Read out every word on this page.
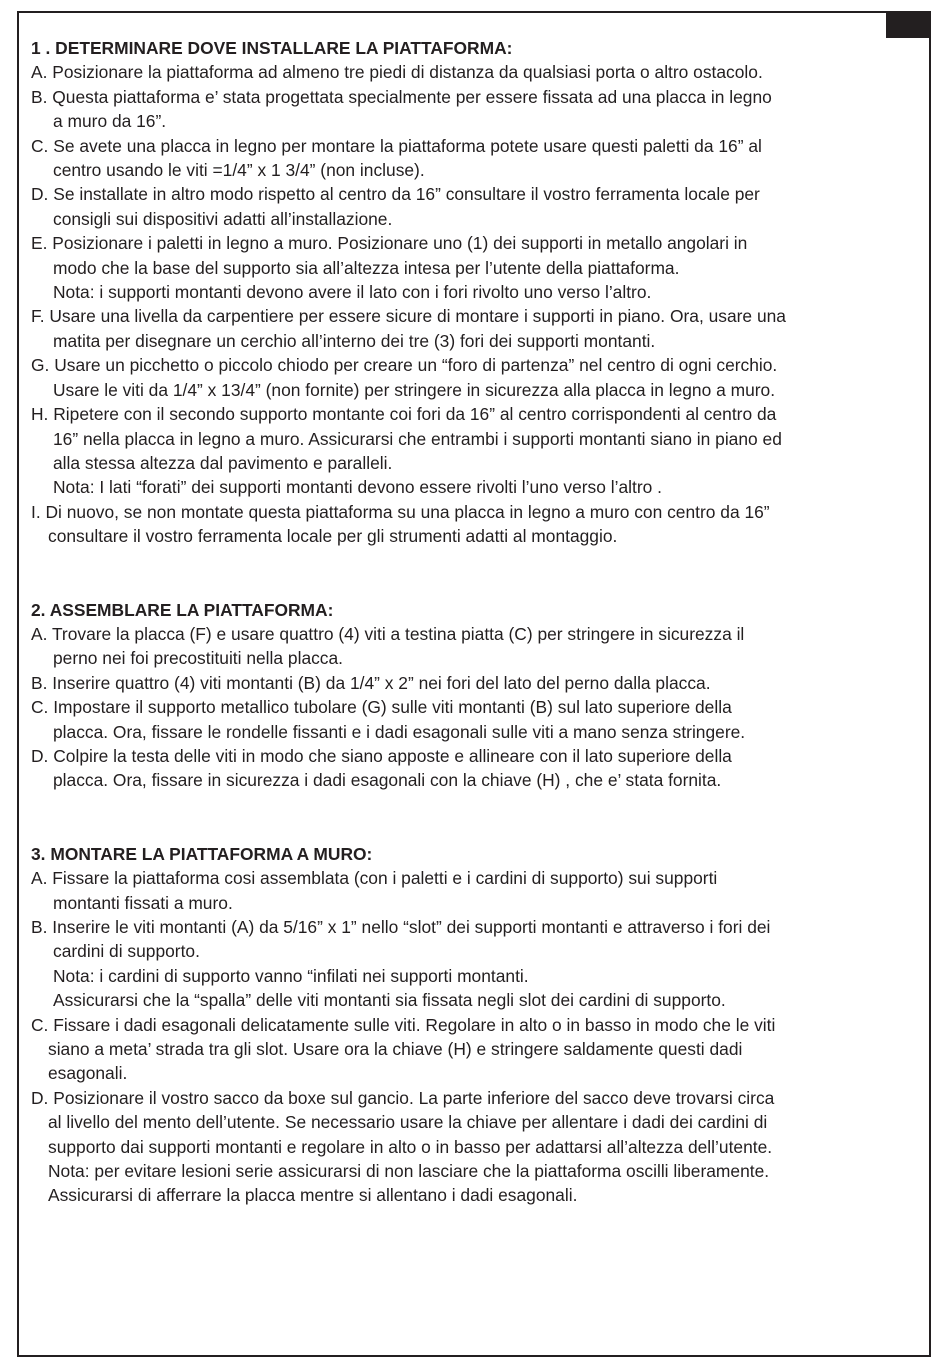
1 . DETERMINARE DOVE INSTALLARE LA PIATTAFORMA:

A. Posizionare la piattaforma ad almeno tre piedi di distanza da qualsiasi porta o altro ostacolo.

B. Questa piattaforma e’ stata progettata specialmente per essere fissata ad una placca in legno

a muro da 16”.

C. Se avete una placca in legno per montare la piattaforma potete usare questi paletti da 16” al

centro usando le viti =1/4” x 1 3/4” (non incluse).

D. Se installate in altro modo rispetto al centro da 16” consultare il vostro ferramenta locale per

consigli sui dispositivi adatti all’installazione.

E. Posizionare i paletti in legno a muro. Posizionare uno (1) dei supporti in metallo angolari in

modo che la base del supporto sia all’altezza intesa per l’utente della piattaforma.

Nota: i supporti montanti devono avere il lato con i fori rivolto uno verso l’altro.

F. Usare una livella da carpentiere per essere sicure di montare i supporti in piano. Ora, usare una

matita per disegnare un cerchio all’interno dei tre (3) fori dei supporti montanti.

G. Usare un picchetto o piccolo chiodo per creare un “foro di partenza” nel centro di ogni cerchio.

Usare le viti da 1/4” x 13/4” (non fornite) per stringere in sicurezza alla placca in legno a muro.

H. Ripetere con il secondo supporto montante coi fori da 16” al centro corrispondenti al centro da

16” nella placca in legno a muro. Assicurarsi che entrambi i supporti montanti siano in piano ed

alla stessa altezza dal pavimento e paralleli.

Nota: I lati “forati” dei supporti montanti devono essere rivolti l’uno verso l’altro .

I. Di nuovo, se non montate questa piattaforma su una placca in legno a muro con centro da 16”

consultare il vostro ferramenta locale per gli strumenti adatti al montaggio.

2. ASSEMBLARE LA PIATTAFORMA:

A. Trovare la placca (F) e usare quattro (4) viti a testina piatta (C) per stringere in sicurezza il

perno nei foi precostituiti nella placca.

B. Inserire quattro (4) viti montanti (B) da 1/4” x 2” nei fori del lato del perno dalla placca.

C. Impostare il supporto metallico tubolare (G) sulle viti montanti (B) sul lato superiore della

placca. Ora, fissare le rondelle fissanti e i dadi esagonali sulle viti a mano senza stringere.

D. Colpire la testa delle viti in modo che siano apposte e allineare con il lato superiore della

placca. Ora, fissare in sicurezza i dadi esagonali con la chiave (H) , che e’ stata fornita.

3. MONTARE LA PIATTAFORMA A MURO:

A. Fissare la piattaforma cosi assemblata (con i paletti e i cardini di supporto) sui supporti

montanti fissati a muro.

B. Inserire le viti montanti (A) da 5/16” x 1” nello “slot” dei supporti montanti e attraverso i fori dei

cardini di supporto.

Nota: i cardini di supporto vanno “infilati nei supporti montanti.

Assicurarsi che la “spalla” delle viti montanti sia fissata negli slot dei cardini di supporto.

C. Fissare i dadi esagonali delicatamente sulle viti. Regolare in alto o in basso in modo che le viti

siano a meta’ strada tra gli slot. Usare ora la chiave (H) e stringere saldamente questi dadi

esagonali.

D. Posizionare il vostro sacco da boxe sul gancio. La parte inferiore del sacco deve trovarsi circa

al livello del mento dell’utente. Se necessario usare la chiave per allentare i dadi dei cardini di

supporto dai supporti montanti e regolare in alto o in basso per adattarsi all’altezza dell’utente.

Nota: per evitare lesioni serie assicurarsi di non lasciare che la piattaforma oscilli liberamente.

Assicurarsi di afferrare la placca mentre si allentano i dadi esagonali.
